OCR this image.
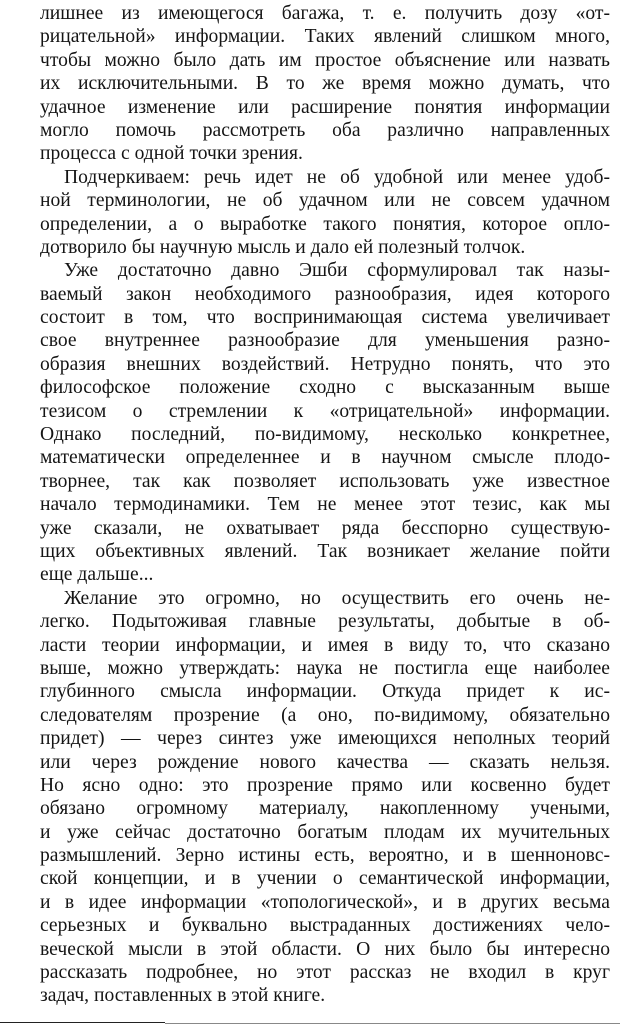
лишнее из имеющегося багажа, т. е. получить дозу «от-
рицательной» информации. Таких явлений слишком много,
чтобы можно было дать им простое объяснение или назвать
их исключительными. В то же время можно думать, что
удачное изменение или расширение понятия информации
могло помочь рассмотреть оба различно направленных
процесса с одной точки зрения.
Подчеркиваем: речь идет не об удобной или менее удоб-
ной терминологии, не об удачном или не совсем удачном
определении, а о выработке такого понятия, которое опло-
дотворило бы научную мысль и дало ей полезный толчок.
Уже достаточно давно Эшби сформулировал так назы-
ваемый закон необходимого разнообразия, идея которого
состоит в том, что воспринимающая система увеличивает
свое внутреннее разнообразие для уменьшения разно-
образия внешних воздействий. Нетрудно понять, что это
философское положение сходно с высказанным выше
тезисом о стремлении к «отрицательной» информации.
Однако последний, по-видимому, несколько конкретнее,
математически определеннее и в научном смысле плодо-
творнее, так как позволяет использовать уже известное
начало термодинамики. Тем не менее этот тезис, как мы
уже сказали, не охватывает ряда бесспорно существую-
щих объективных явлений. Так возникает желание пойти
еще дальше...
Желание это огромно, но осуществить его очень не-
легко. Подытоживая главные результаты, добытые в об-
ласти теории информации, и имея в виду то, что сказано
выше, можно утверждать: наука не постигла еще наиболее
глубинного смысла информации. Откуда придет к ис-
следователям прозрение (а оно, по-видимому, обязательно
придет) — через синтез уже имеющихся неполных теорий
или через рождение нового качества — сказать нельзя.
Но ясно одно: это прозрение прямо или косвенно будет
обязано огромному материалу, накопленному учеными,
и уже сейчас достаточно богатым плодам их мучительных
размышлений. Зерно истины есть, вероятно, и в шенноновс-
ской концепции, и в учении о семантической информации,
и в идее информации «топологической», и в других весьма
серьезных и буквально выстраданных достижениях чело-
веческой мысли в этой области. О них было бы интересно
рассказать подробнее, но этот рассказ не входил в круг
задач, поставленных в этой книге.
